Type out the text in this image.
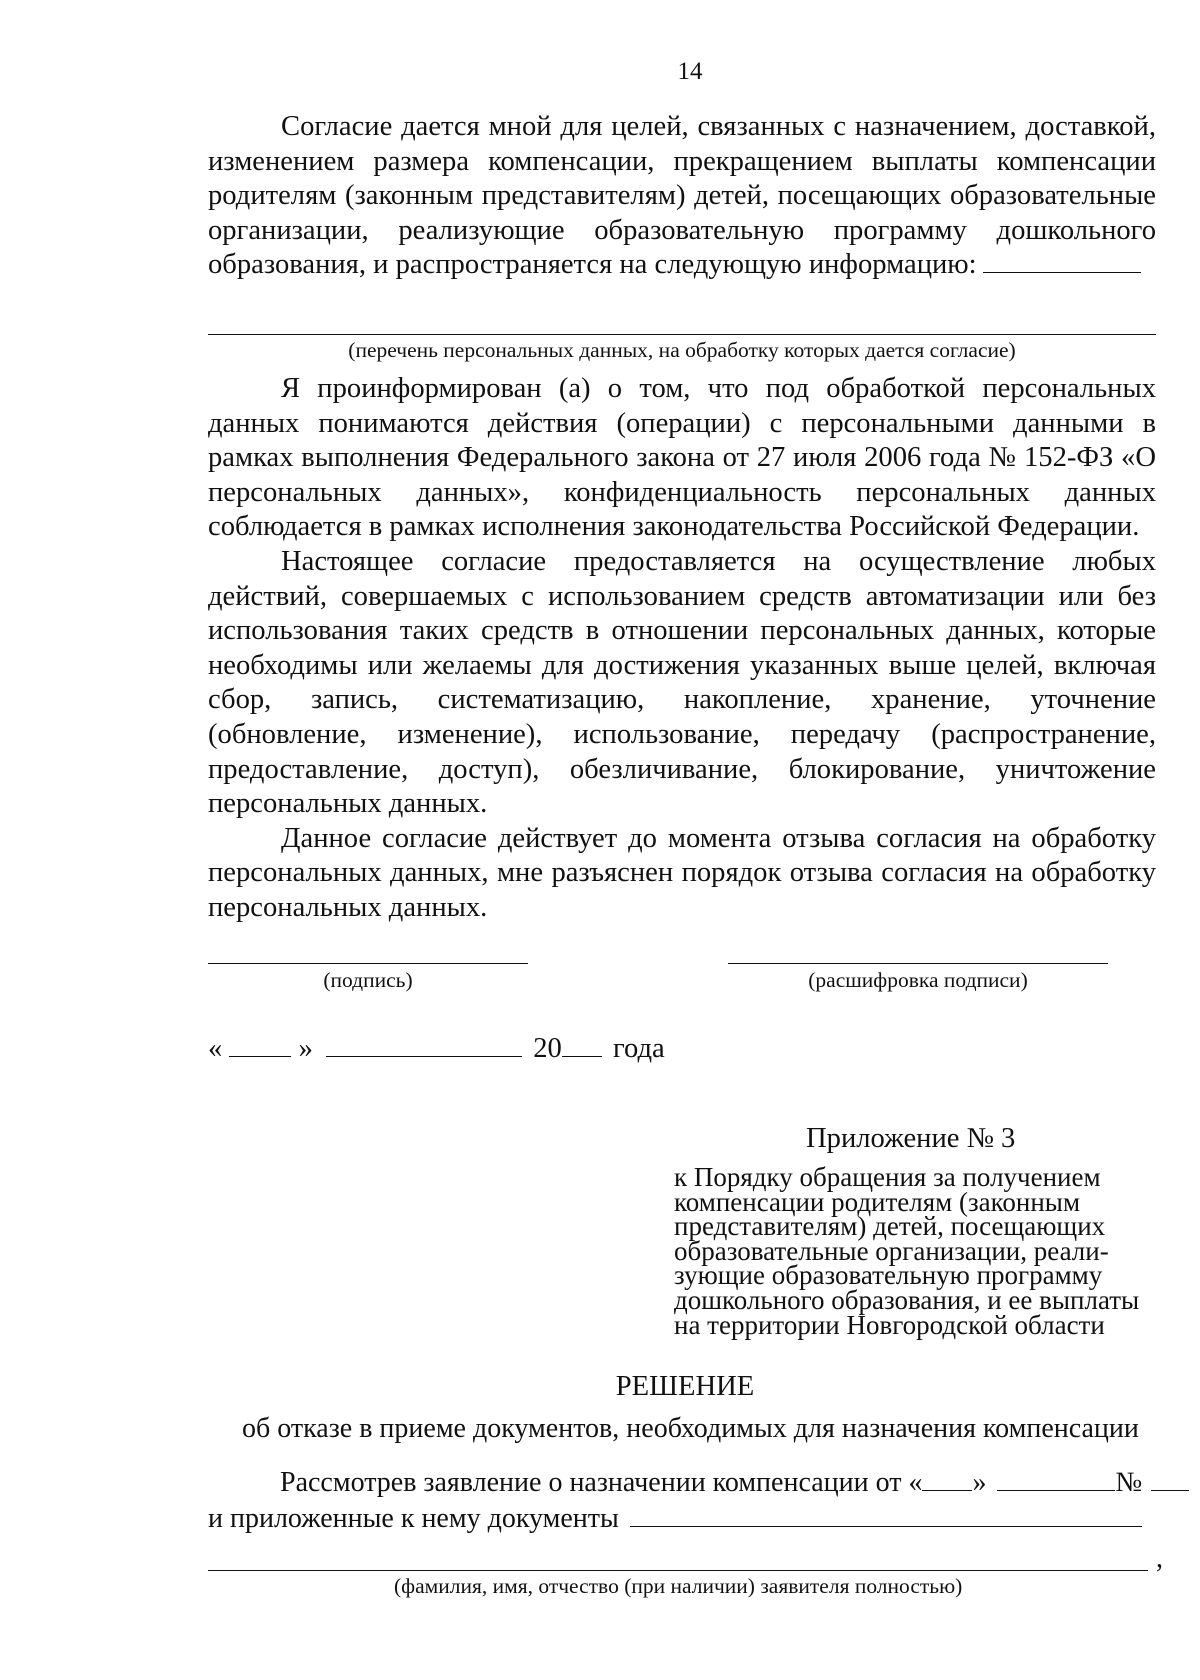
14

Согласие дается мной для целей, связанных с назначением, доставкой, изменением размера компенсации, прекращением выплаты компенсации родителям (законным представителям) детей, посещающих образовательные организации, реализующие образовательную программу дошкольного образования, и распространяется на следующую информацию:

(перечень персональных данных, на обработку которых дается согласие)

Я проинформирован (а) о том, что под обработкой персональных данных понимаются действия (операции) с персональными данными в рамках выполнения Федерального закона от 27 июля 2006 года № 152-ФЗ «О персональных данных», конфиденциальность персональных данных соблюдается в рамках исполнения законодательства Российской Федерации.

Настоящее согласие предоставляется на осуществление любых действий, совершаемых с использованием средств автоматизации или без использования таких средств в отношении персональных данных, которые необходимы или желаемы для достижения указанных выше целей, включая сбор, запись, систематизацию, накопление, хранение, уточнение (обновление, изменение), использование, передачу (распространение, предоставление, доступ), обезличивание, блокирование, уничтожение персональных данных.

Данное согласие действует до момента отзыва согласия на обработку персональных данных, мне разъяснен порядок отзыва согласия на обработку персональных данных.

(подпись)	(расшифровка подписи)
«	»	20 года
Приложение № 3
к Порядку обращения за получением
компенсации родителям (законным
представителям) детей, посещающих
образовательные организации, реали-
зующие образовательную программу
дошкольного образования, и ее выплаты
на территории Новгородской области
РЕШЕНИЕ
об отказе в приеме документов, необходимых для назначения компенсации
Рассмотрев заявление о назначении компенсации от « »	№
и приложенные к нему документы
,
(фамилия, имя, отчество (при наличии) заявителя полностью)
